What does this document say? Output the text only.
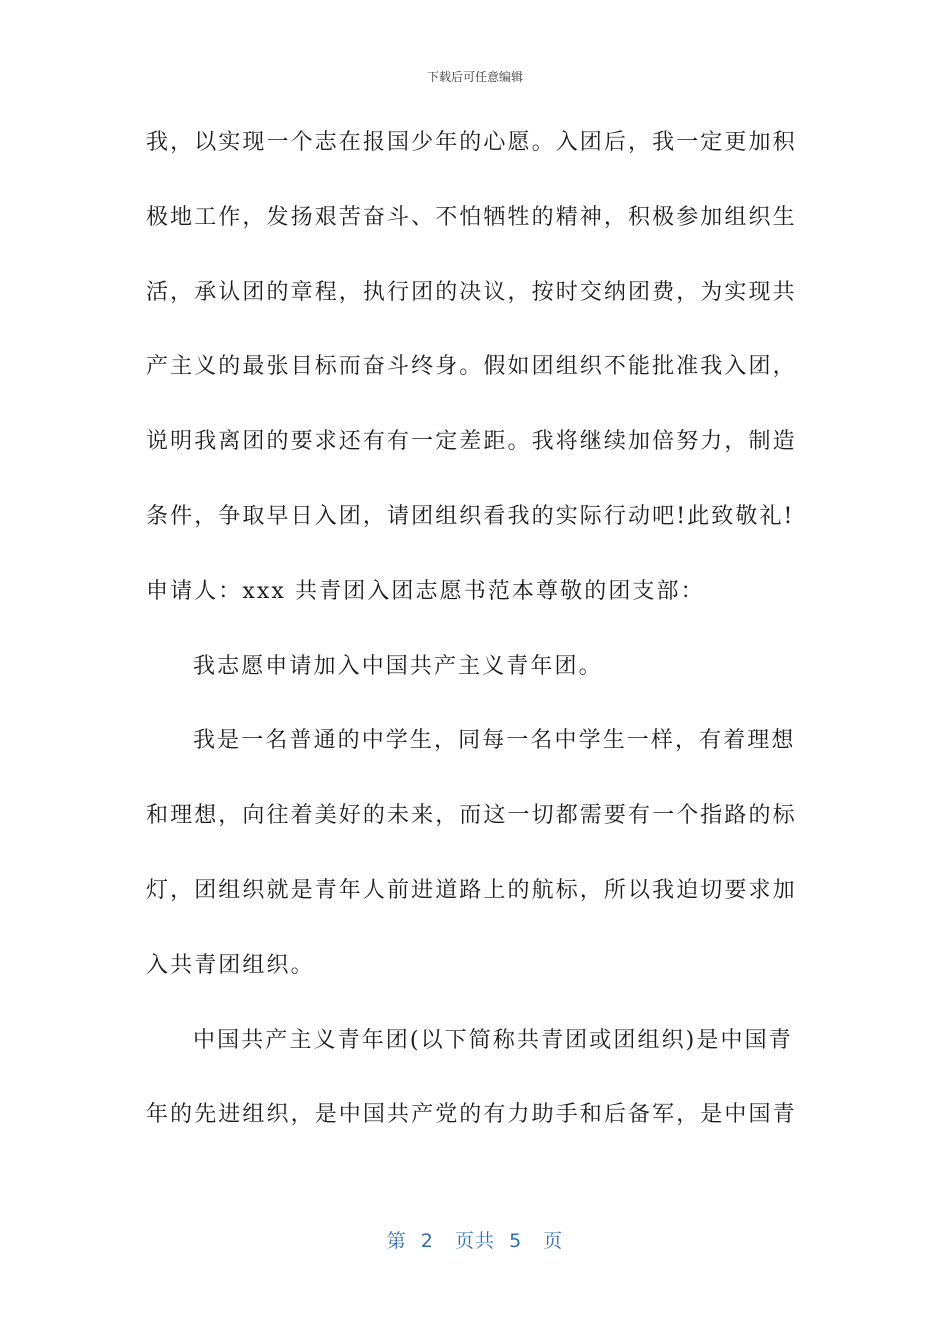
下载后可任意编辑
我，以实现一个志在报国少年的心愿。入团后，我一定更加积
极地工作，发扬艰苦奋斗、不怕牺牲的精神，积极参加组织生
活，承认团的章程，执行团的决议，按时交纳团费，为实现共
产主义的最张目标而奋斗终身。假如团组织不能批准我入团，
说明我离团的要求还有有一定差距。我将继续加倍努力，制造
条件，争取早日入团，请团组织看我的实际行动吧!此致敬礼!
申请人：xxx 共青团入团志愿书范本尊敬的团支部：
我志愿申请加入中国共产主义青年团。
我是一名普通的中学生，同每一名中学生一样，有着理想
和理想，向往着美好的未来，而这一切都需要有一个指路的标
灯，团组织就是青年人前进道路上的航标，所以我迫切要求加
入共青团组织。
中国共产主义青年团(以下简称共青团或团组织)是中国青
年的先进组织，是中国共产党的有力助手和后备军，是中国青
第  2   页共  5   页
